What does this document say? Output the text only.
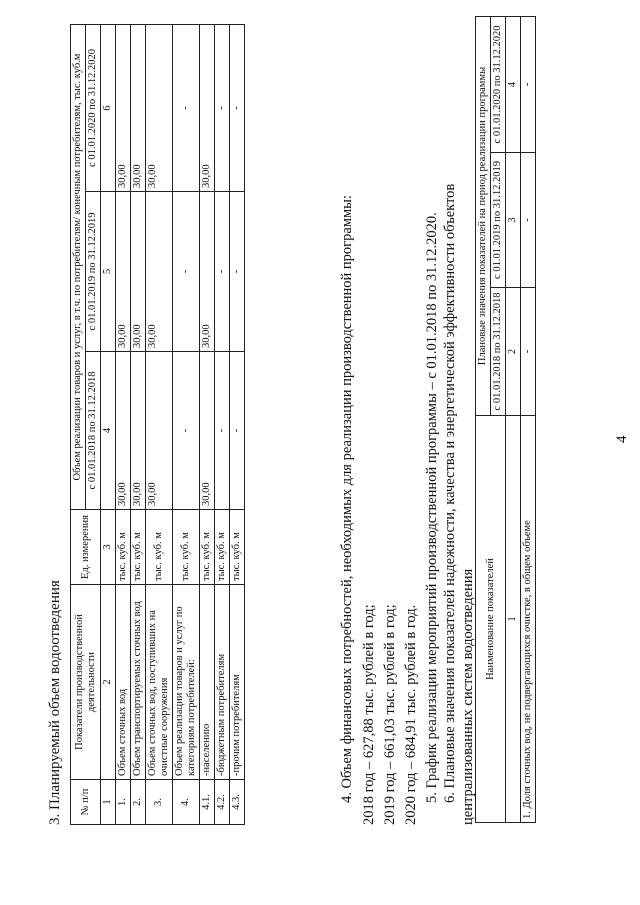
4
3. Планируемый объем водоотведения № п/п	Показатели производственной деятельности	Ед. измерения	Объем реализации товаров и услуг, в т.ч. по потребителям/ конечным потребителям, тыс. куб.м		
			с 01.01.2018 по 31.12.2018	с 01.01.2019 по 31.12.2019	с 01.01.2020 по 31.12.2020
1	2	3	4	5	6
1.	Объем сточных вод	тыс. куб. м	30,00	30,00	30,00
2.	Объем транспортируемых сточных вод	тыс. куб. м	30,00	30,00	30,00
3.	Объем сточных вод, поступивших на очистные сооружения	тыс. куб. м	30,00	30,00	30,00
4.	Объем реализации товаров и услуг по категориям потребителей:	тыс. куб. м	-	-	-
4.1.	-населению	тыс. куб. м	30,00	30,00	30,00
4.2.	-бюджетным потребителям	тыс. куб. м	-	-	-
4.3.	-прочим потребителям	тыс. куб. м	-	-	-
4. Объем финансовых потребностей, необходимых для реализации производственной программы: 2018 год – 627,88 тыс. рублей в год; 2019 год – 661,03 тыс. рублей в год; 2020 год – 684,91 тыс. рублей в год. 5. График реализации мероприятий производственной программы – с 01.01.2018 по 31.12.2020. 6. Плановые значения показателей надежности, качества и энергетической эффективности объектов централизованных систем водоотведения Наименование показателей	Плановые значения показателей на период реализации программы		
	с 01.01.2018 по 31.12.2018	с 01.01.2019 по 31.12.2019	с 01.01.2020 по 31.12.2020
1	2	3	4
1. Доля сточных вод, не подвергающихся очистке, в общем объеме	-	-	-
